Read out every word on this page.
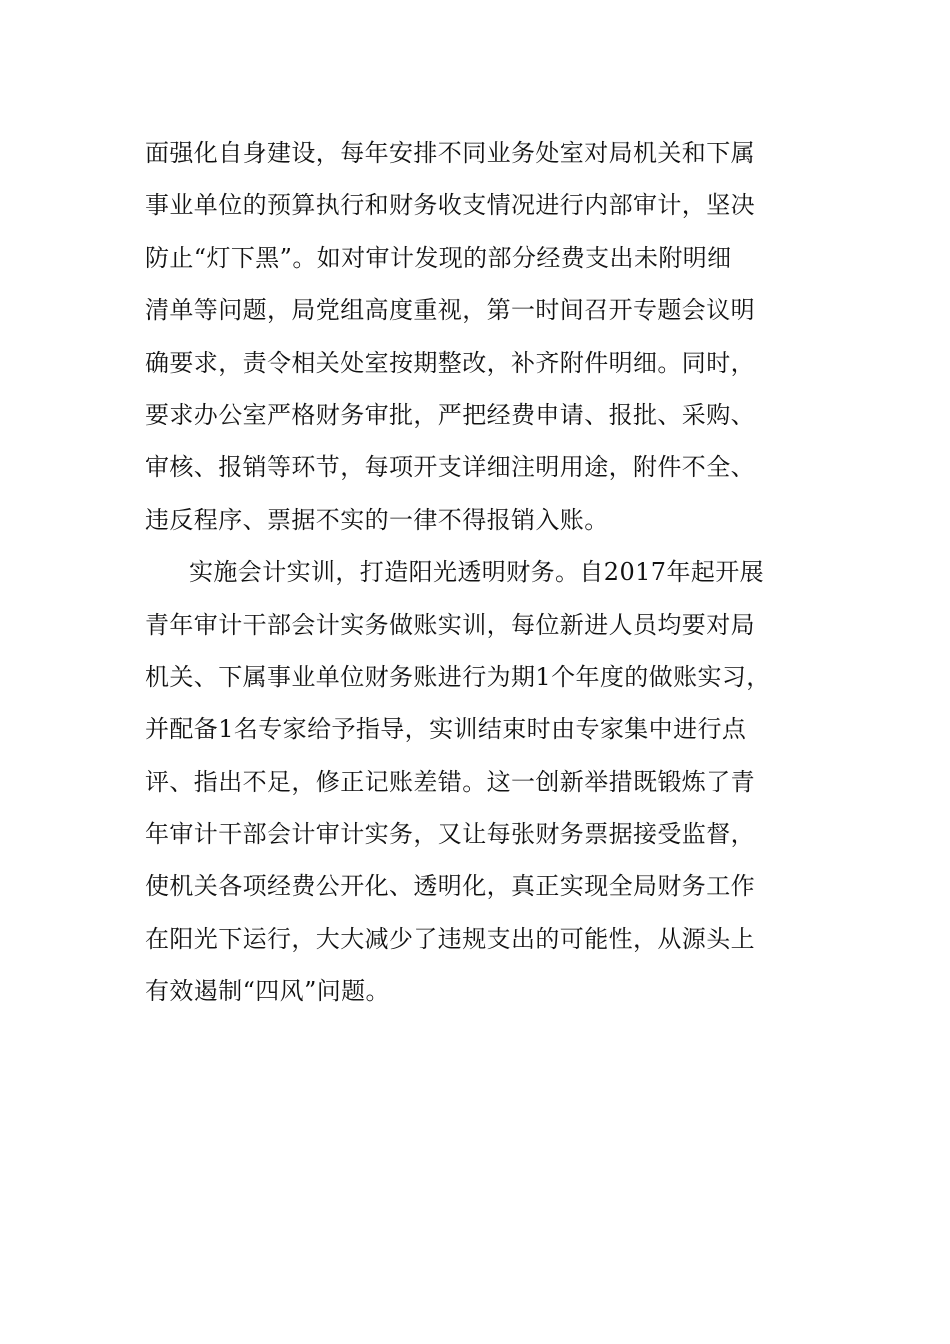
面强化自身建设，每年安排不同业务处室对局机关和下属
事业单位的预算执行和财务收支情况进行内部审计，坚决
防止“灯下黑”。如对审计发现的部分经费支出未附明细
清单等问题，局党组高度重视，第一时间召开专题会议明
确要求，责令相关处室按期整改，补齐附件明细。同时，
要求办公室严格财务审批，严把经费申请、报批、采购、
审核、报销等环节，每项开支详细注明用途，附件不全、
违反程序、票据不实的一律不得报销入账。
实施会计实训，打造阳光透明财务。自2017年起开展
青年审计干部会计实务做账实训，每位新进人员均要对局
机关、下属事业单位财务账进行为期1个年度的做账实习，
并配备1名专家给予指导，实训结束时由专家集中进行点
评、指出不足，修正记账差错。这一创新举措既锻炼了青
年审计干部会计审计实务，又让每张财务票据接受监督，
使机关各项经费公开化、透明化，真正实现全局财务工作
在阳光下运行，大大减少了违规支出的可能性，从源头上
有效遏制“四风”问题。
